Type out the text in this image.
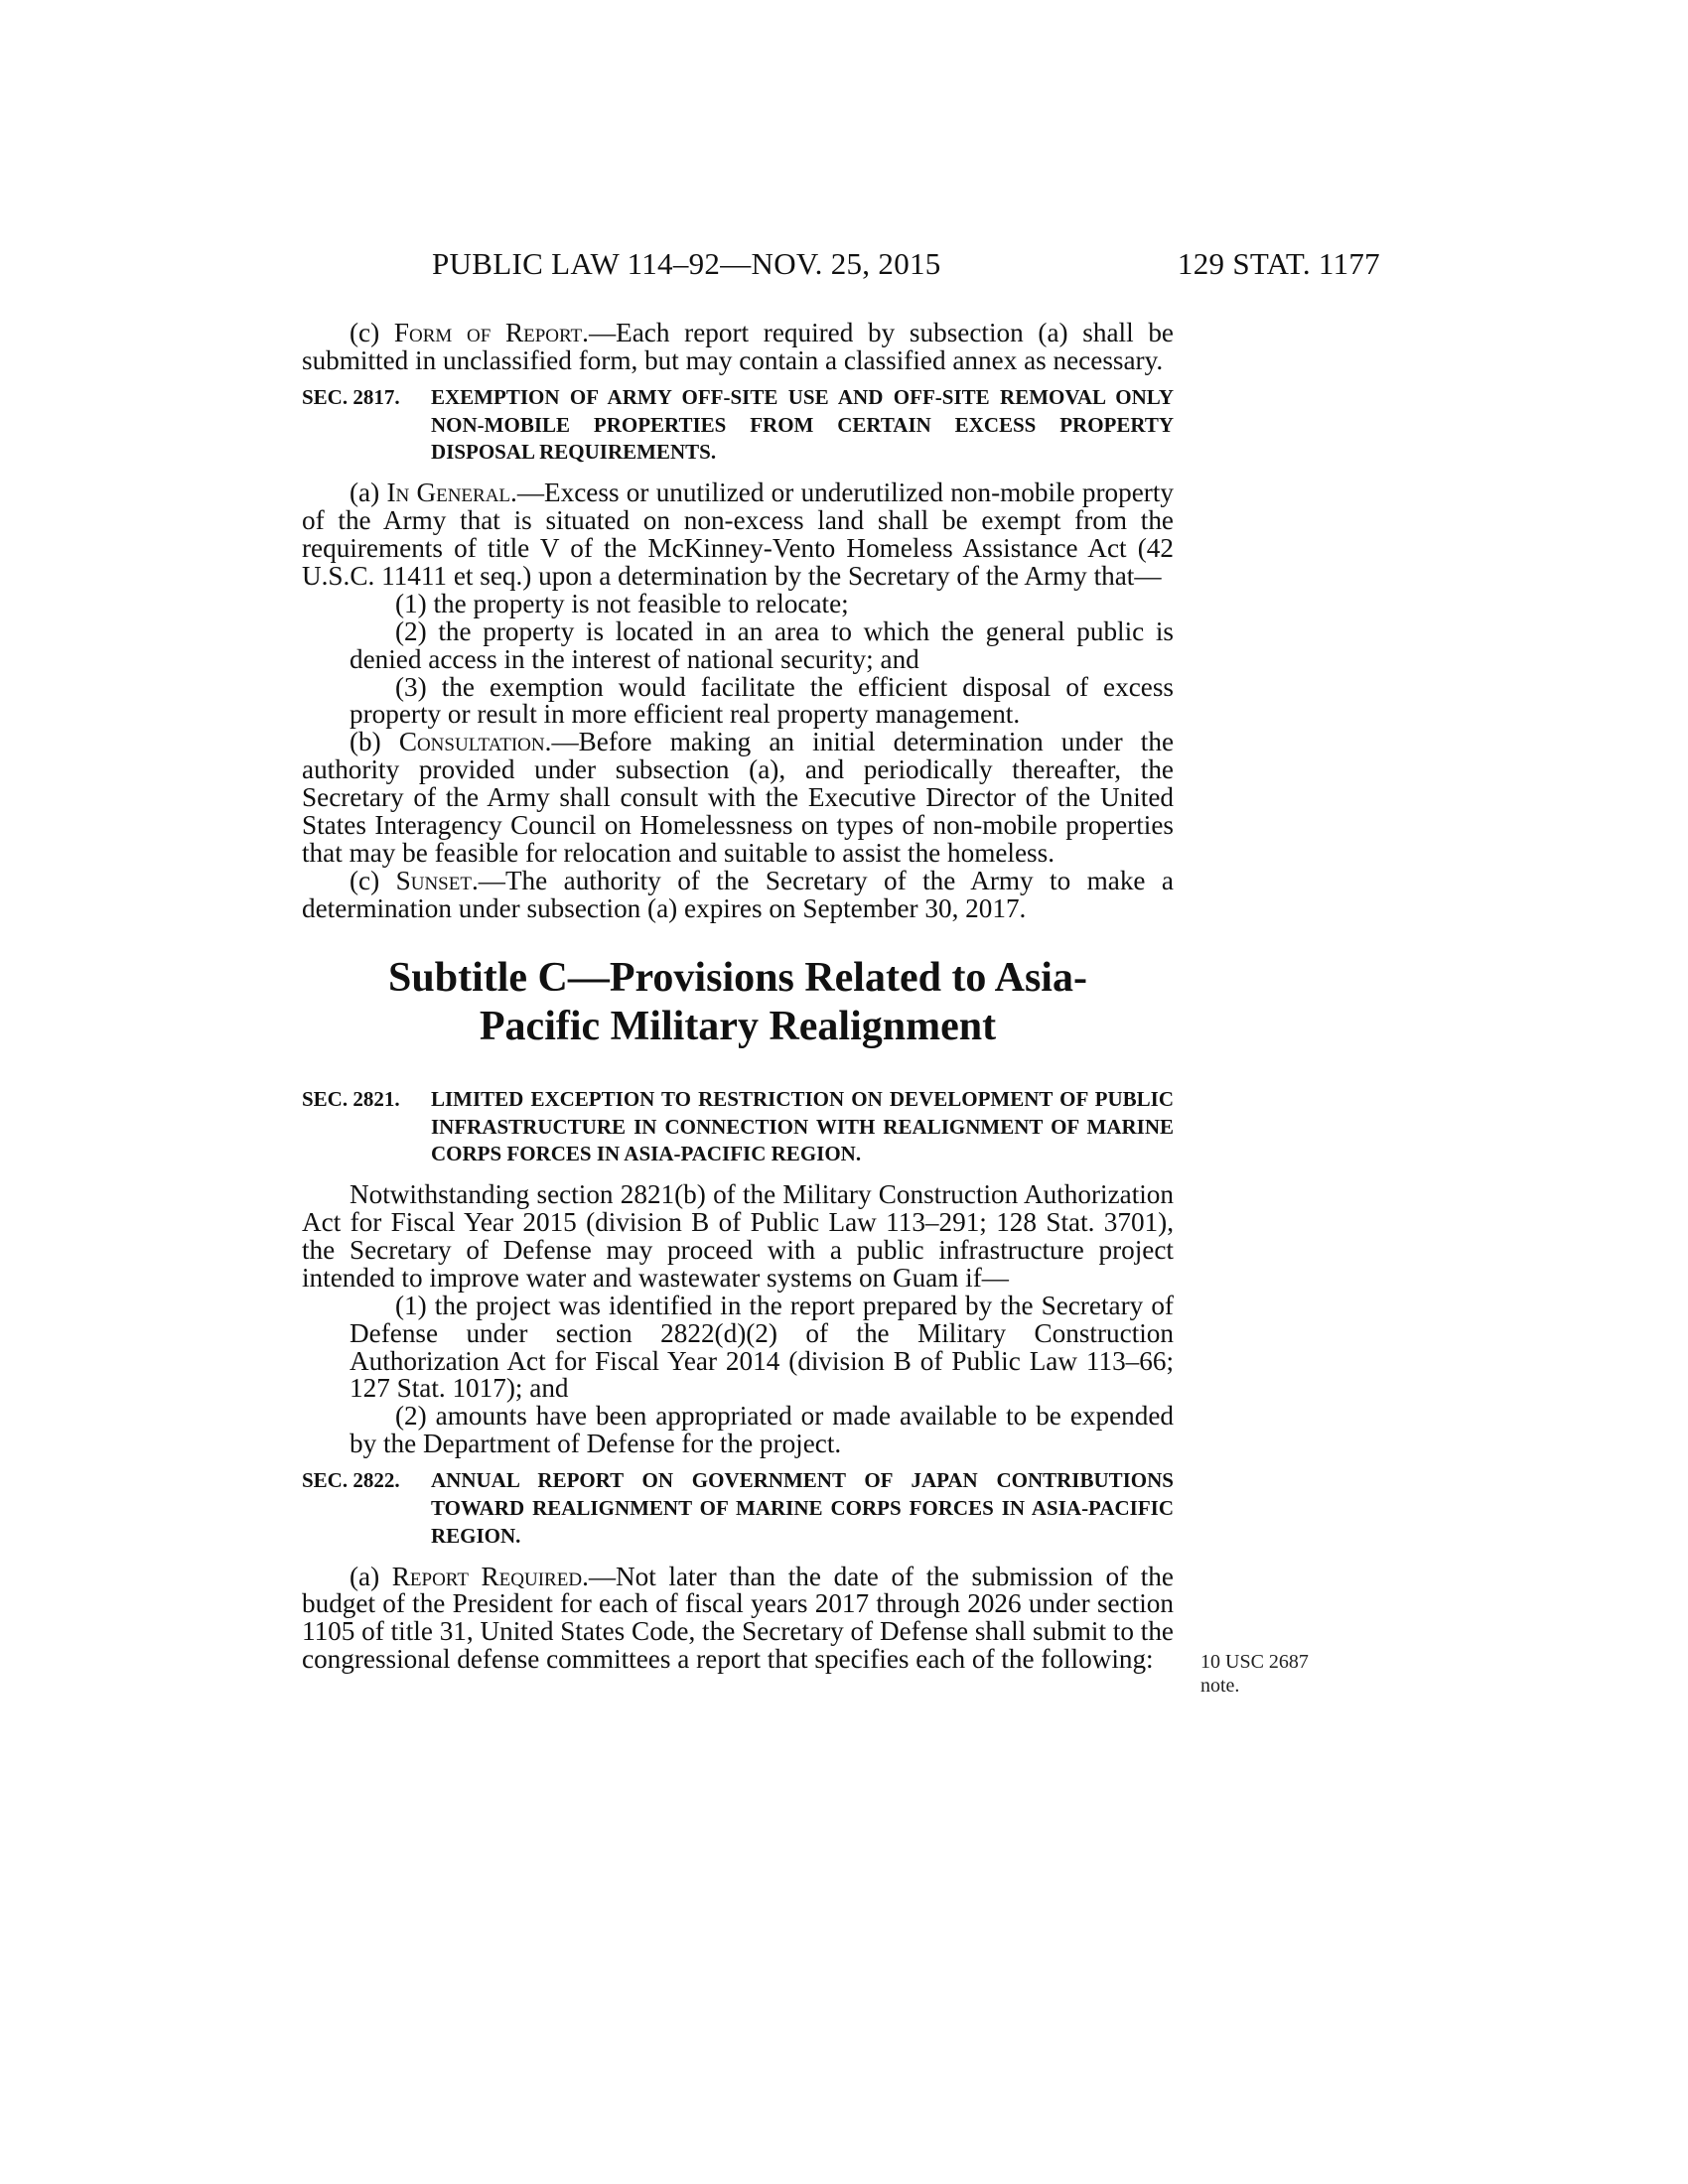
PUBLIC LAW 114–92—NOV. 25, 2015	129 STAT. 1177

(c) Form of Report.—Each report required by subsection (a) shall be submitted in unclassified form, but may contain a classified annex as necessary.

SEC. 2817.	EXEMPTION OF ARMY OFF-SITE USE AND OFF-SITE REMOVAL ONLY NON-MOBILE PROPERTIES FROM CERTAIN EXCESS PROPERTY DISPOSAL REQUIREMENTS.

(a) In General.—Excess or unutilized or underutilized non-mobile property of the Army that is situated on non-excess land shall be exempt from the requirements of title V of the McKinney-Vento Homeless Assistance Act (42 U.S.C. 11411 et seq.) upon a determination by the Secretary of the Army that—

(1) the property is not feasible to relocate;

(2) the property is located in an area to which the general public is denied access in the interest of national security; and

(3) the exemption would facilitate the efficient disposal of excess property or result in more efficient real property management.

(b) Consultation.—Before making an initial determination under the authority provided under subsection (a), and periodically thereafter, the Secretary of the Army shall consult with the Executive Director of the United States Interagency Council on Homelessness on types of non-mobile properties that may be feasible for relocation and suitable to assist the homeless.

(c) Sunset.—The authority of the Secretary of the Army to make a determination under subsection (a) expires on September 30, 2017.

Subtitle C—Provisions Related to Asia-
Pacific Military Realignment
SEC. 2821.	LIMITED EXCEPTION TO RESTRICTION ON DEVELOPMENT OF PUBLIC INFRASTRUCTURE IN CONNECTION WITH REALIGNMENT OF MARINE CORPS FORCES IN ASIA-PACIFIC REGION.

Notwithstanding section 2821(b) of the Military Construction Authorization Act for Fiscal Year 2015 (division B of Public Law 113–291; 128 Stat. 3701), the Secretary of Defense may proceed with a public infrastructure project intended to improve water and wastewater systems on Guam if—

(1) the project was identified in the report prepared by the Secretary of Defense under section 2822(d)(2) of the Military Construction Authorization Act for Fiscal Year 2014 (division B of Public Law 113–66; 127 Stat. 1017); and

(2) amounts have been appropriated or made available to be expended by the Department of Defense for the project.

SEC. 2822.	ANNUAL REPORT ON GOVERNMENT OF JAPAN CONTRIBUTIONS TOWARD REALIGNMENT OF MARINE CORPS FORCES IN ASIA-PACIFIC REGION.

(a) Report Required.—Not later than the date of the submission of the budget of the President for each of fiscal years 2017 through 2026 under section 1105 of title 31, United States Code, the Secretary of Defense shall submit to the congressional defense committees a report that specifies each of the following:	10 USC 2687 note.
